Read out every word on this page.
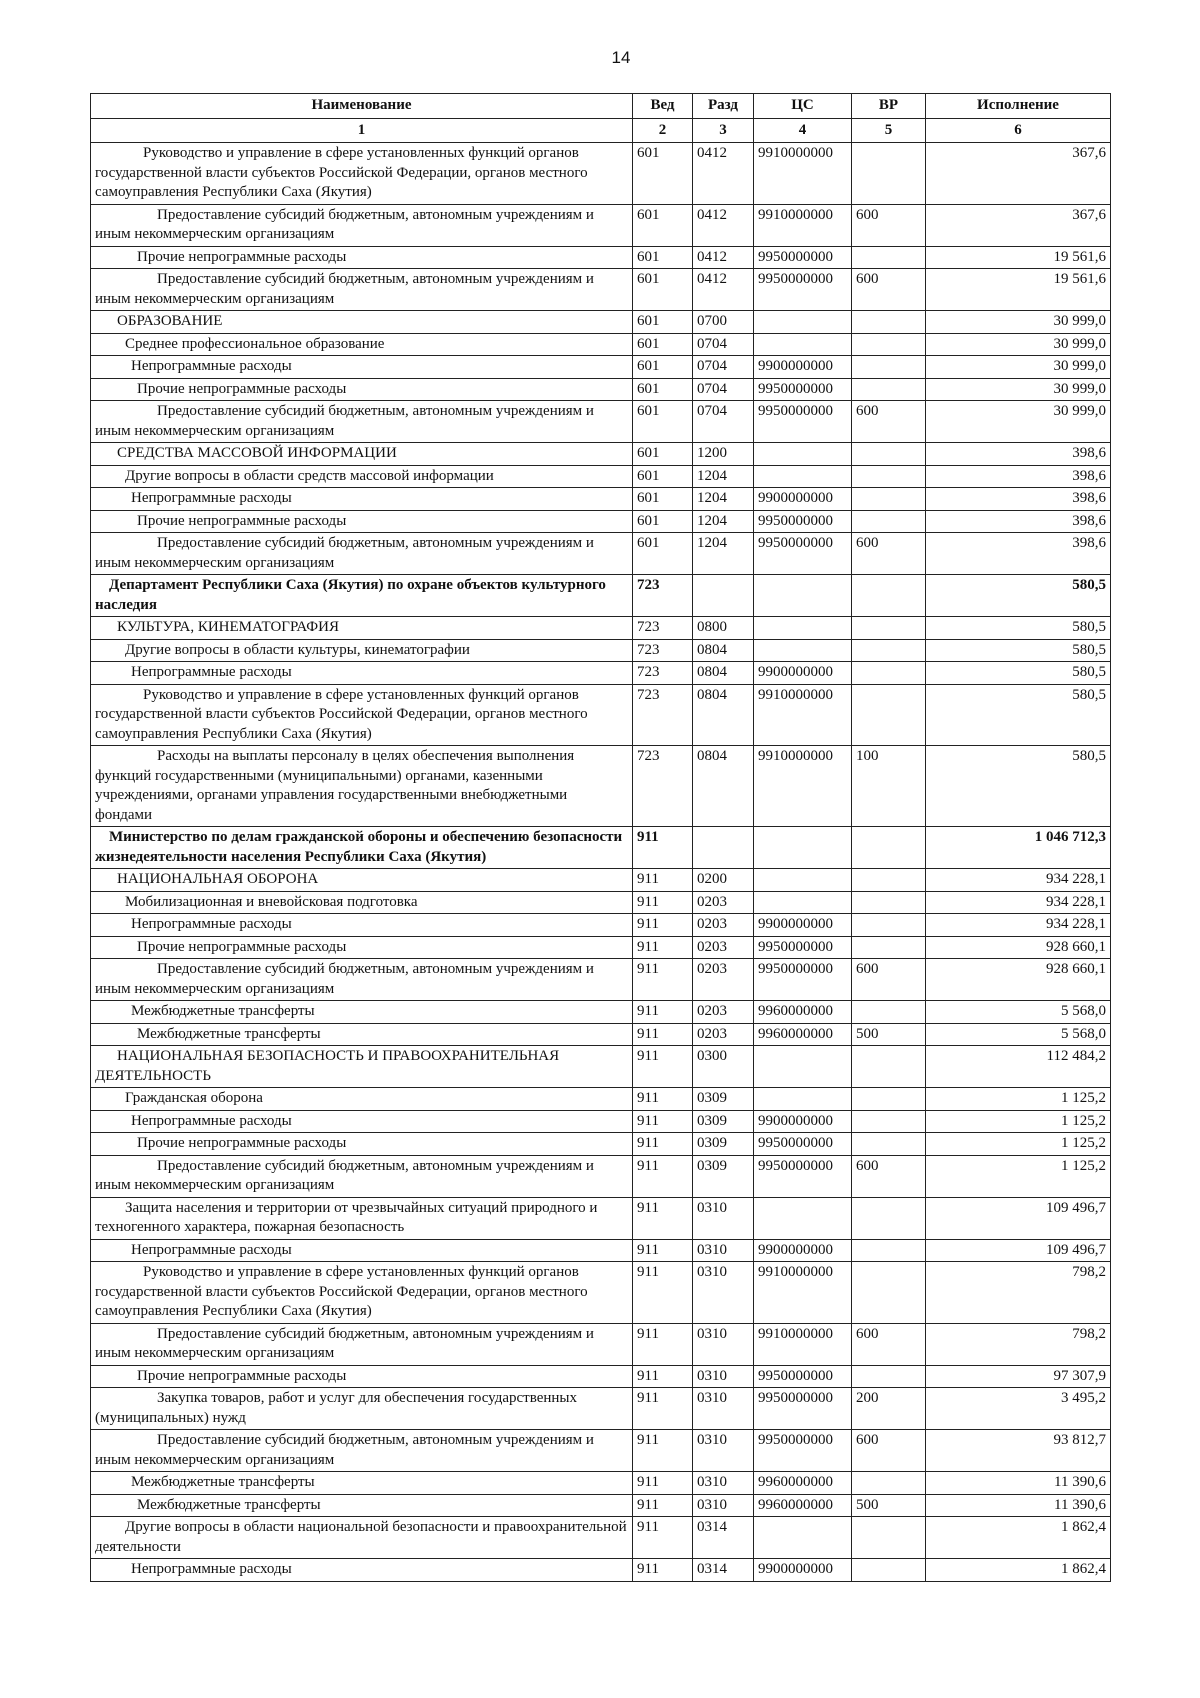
14
Наименование	Вед	Разд	ЦС	ВР	Исполнение
1	2	3	4	5	6
Руководство и управление в сфере установленных функций органов государственной власти субъектов Российской Федерации, органов местного самоуправления Республики Саха (Якутия)	601	0412	9910000000		367,6
Предоставление субсидий бюджетным, автономным учреждениям и иным некоммерческим организациям	601	0412	9910000000	600	367,6
Прочие непрограммные расходы	601	0412	9950000000		19 561,6
Предоставление субсидий бюджетным, автономным учреждениям и иным некоммерческим организациям	601	0412	9950000000	600	19 561,6
ОБРАЗОВАНИЕ	601	0700			30 999,0
Среднее профессиональное образование	601	0704			30 999,0
Непрограммные расходы	601	0704	9900000000		30 999,0
Прочие непрограммные расходы	601	0704	9950000000		30 999,0
Предоставление субсидий бюджетным, автономным учреждениям и иным некоммерческим организациям	601	0704	9950000000	600	30 999,0
СРЕДСТВА МАССОВОЙ ИНФОРМАЦИИ	601	1200			398,6
Другие вопросы в области средств массовой информации	601	1204			398,6
Непрограммные расходы	601	1204	9900000000		398,6
Прочие непрограммные расходы	601	1204	9950000000		398,6
Предоставление субсидий бюджетным, автономным учреждениям и иным некоммерческим организациям	601	1204	9950000000	600	398,6
Департамент Республики Саха (Якутия) по охране объектов культурного наследия	723				580,5
КУЛЬТУРА, КИНЕМАТОГРАФИЯ	723	0800			580,5
Другие вопросы в области культуры, кинематографии	723	0804			580,5
Непрограммные расходы	723	0804	9900000000		580,5
Руководство и управление в сфере установленных функций органов государственной власти субъектов Российской Федерации, органов местного самоуправления Республики Саха (Якутия)	723	0804	9910000000		580,5
Расходы на выплаты персоналу в целях обеспечения выполнения функций государственными (муниципальными) органами, казенными учреждениями, органами управления государственными внебюджетными фондами	723	0804	9910000000	100	580,5
Министерство по делам гражданской обороны и обеспечению безопасности жизнедеятельности населения Республики Саха (Якутия)	911				1 046 712,3
НАЦИОНАЛЬНАЯ ОБОРОНА	911	0200			934 228,1
Мобилизационная и вневойсковая подготовка	911	0203			934 228,1
Непрограммные расходы	911	0203	9900000000		934 228,1
Прочие непрограммные расходы	911	0203	9950000000		928 660,1
Предоставление субсидий бюджетным, автономным учреждениям и иным некоммерческим организациям	911	0203	9950000000	600	928 660,1
Межбюджетные трансферты	911	0203	9960000000		5 568,0
Межбюджетные трансферты	911	0203	9960000000	500	5 568,0
НАЦИОНАЛЬНАЯ БЕЗОПАСНОСТЬ И ПРАВООХРАНИТЕЛЬНАЯ ДЕЯТЕЛЬНОСТЬ	911	0300			112 484,2
Гражданская оборона	911	0309			1 125,2
Непрограммные расходы	911	0309	9900000000		1 125,2
Прочие непрограммные расходы	911	0309	9950000000		1 125,2
Предоставление субсидий бюджетным, автономным учреждениям и иным некоммерческим организациям	911	0309	9950000000	600	1 125,2
Защита населения и территории от чрезвычайных ситуаций природного и техногенного характера, пожарная безопасность	911	0310			109 496,7
Непрограммные расходы	911	0310	9900000000		109 496,7
Руководство и управление в сфере установленных функций органов государственной власти субъектов Российской Федерации, органов местного самоуправления Республики Саха (Якутия)	911	0310	9910000000		798,2
Предоставление субсидий бюджетным, автономным учреждениям и иным некоммерческим организациям	911	0310	9910000000	600	798,2
Прочие непрограммные расходы	911	0310	9950000000		97 307,9
Закупка товаров, работ и услуг для обеспечения государственных (муниципальных) нужд	911	0310	9950000000	200	3 495,2
Предоставление субсидий бюджетным, автономным учреждениям и иным некоммерческим организациям	911	0310	9950000000	600	93 812,7
Межбюджетные трансферты	911	0310	9960000000		11 390,6
Межбюджетные трансферты	911	0310	9960000000	500	11 390,6
Другие вопросы в области национальной безопасности и правоохранительной деятельности	911	0314			1 862,4
Непрограммные расходы	911	0314	9900000000		1 862,4
